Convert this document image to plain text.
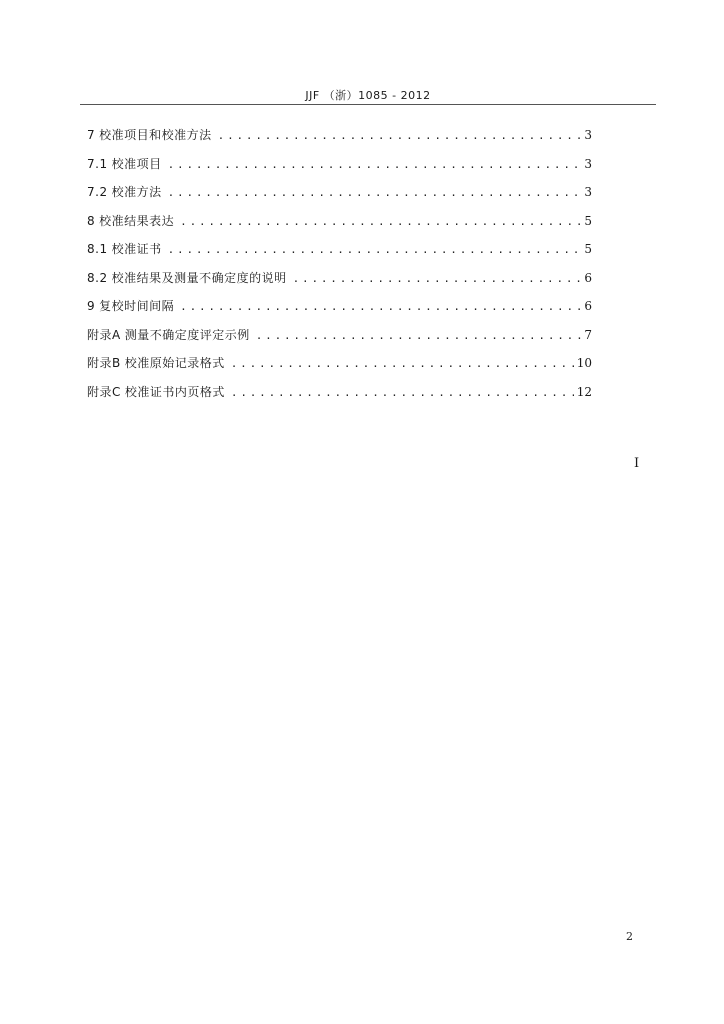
JJF （浙）1085 - 2012
7 校准项目和校准方法 .....	3
7.1 校准项目 .....	3
7.2 校准方法 .....	3
8 校准结果表达 .....	5
8.1 校准证书 .....	5
8.2 校准结果及测量不确定度的说明 .....	6
9 复校时间间隔 .....	6
附录A 测量不确定度评定示例 .....	7
附录B 校准原始记录格式 .....	10
附录C 校准证书内页格式 .....	12
I
2
